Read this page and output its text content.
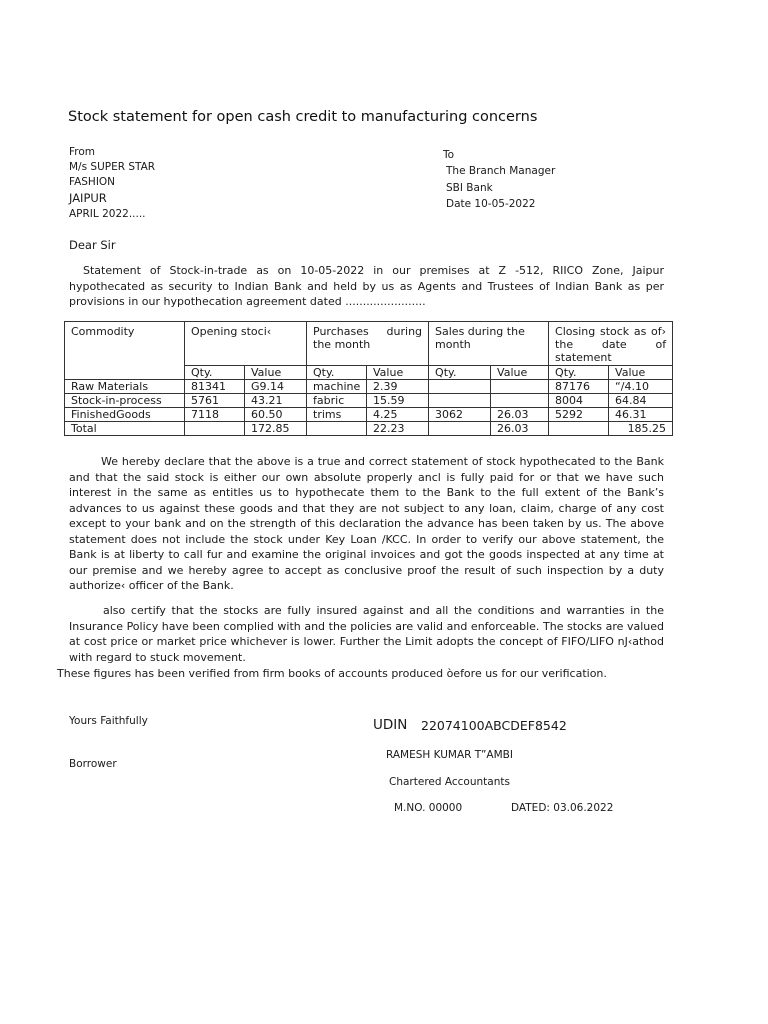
Stock statement for open cash credit to manufacturing concerns
From
M/s SUPER STAR
FASHION
JAIPUR
APRIL 2022.....
To
The Branch Manager
SBI Bank
Date 10-05-2022
Dear Sir
Statement of Stock-in-trade as on 10-05-2022 in our premises at Z -512, RIICO Zone, Jaipur
hypothecated as security to Indian Bank and held by us as Agents and Trustees of Indian Bank as per
provisions in our hypothecation agreement dated .......................
Commodity	Opening stoci‹		Purchases during the month		Sales during the month		Closing stock as of› the date of statement	
	Qty.	Value	Qty.	Value	Qty.	Value	Qty.	Value
Raw Materials	81341	G9.14	machine	2.39			87176	“/4.10
Stock-in-process	5761	43.21	fabric	15.59			8004	64.84
FinishedGoods	7118	60.50	trims	4.25	3062	26.03	5292	46.31
Total		172.85		22.23		26.03		185.25
We hereby declare that the above is a true and correct statement of stock hypothecated to the Bank
and that the said stock is either our own absolute properly ancl is fully paid for or that we have such
interest in the same as entitles us to hypothecate them to the Bank to the full extent of the Bank’s
advances to us against these goods and that they are not subject to any loan, claim, charge of any cost
except to your bank and on the strength of this declaration the advance has been taken by us. The above
statement does not include the stock under Key Loan /KCC. In order to verify our above statement, the
Bank is at liberty to call fur and examine the original invoices and got the goods inspected at any time at
our premise and we hereby agree to accept as conclusive proof the result of such inspection by a duty
authorize‹ officer of the Bank.
also certify that the stocks are fully insured against and all the conditions and warranties in the
Insurance Policy have been complied with and the policies are valid and enforceable. The stocks are valued
at cost price or market price whichever is lower. Further the Limit adopts the concept of FIFO/LIFO nJ‹athod
with regard to stuck movement.
These figures has been verified from firm books of accounts produced òefore us for our verification.
Yours Faithfully
Borrower
UDIN 22074100ABCDEF8542
RAMESH KUMAR T”AMBI
Chartered Accountants
M.NO. 00000	DATED: 03.06.2022
